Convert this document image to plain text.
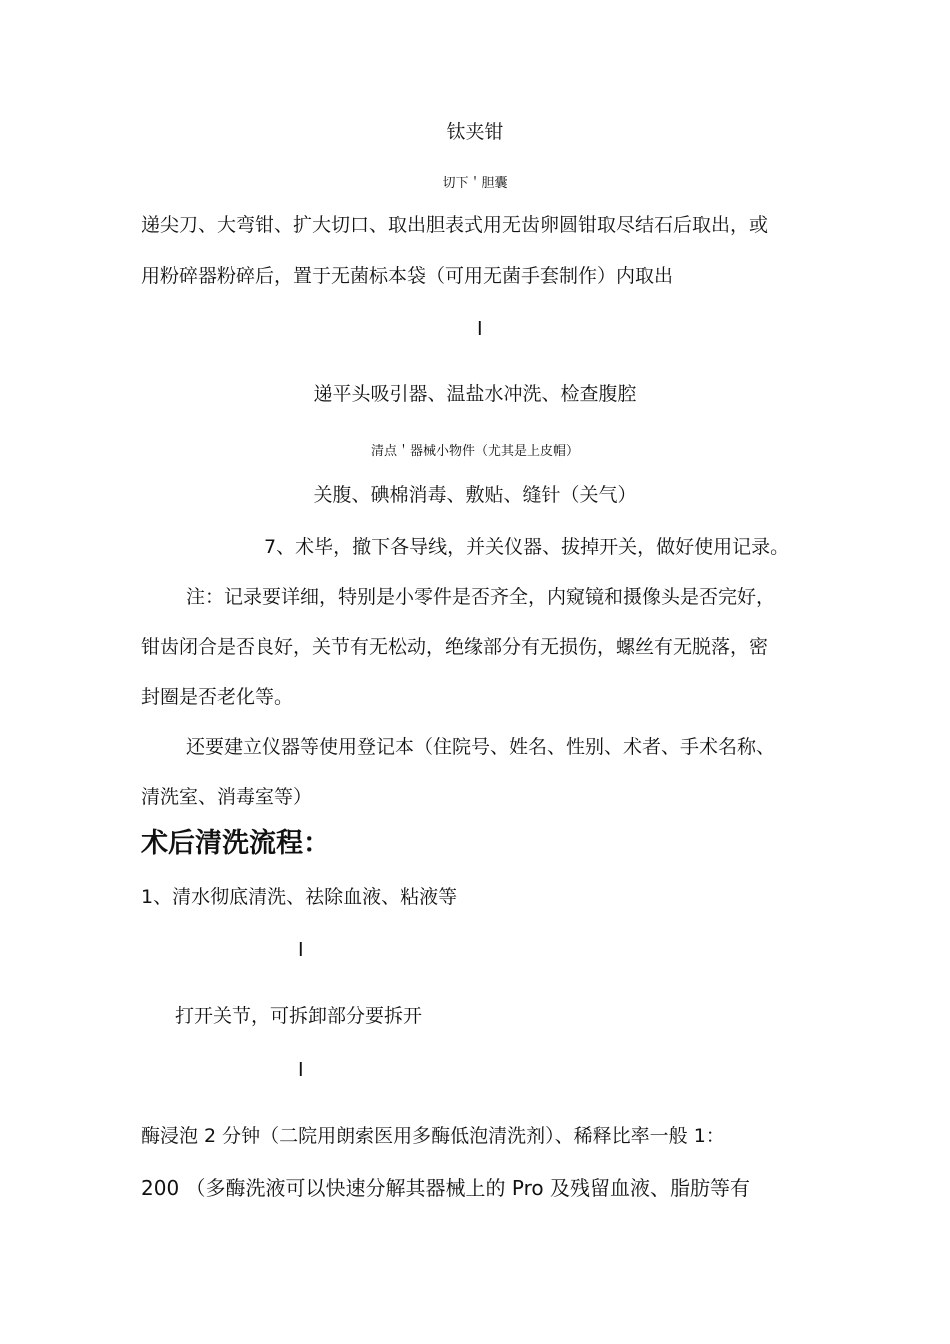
钛夹钳
切下＇胆囊
递尖刀、大弯钳、扩大切口、取出胆表式用无齿卵圆钳取尽结石后取出，或
用粉碎器粉碎后，置于无菌标本袋（可用无菌手套制作）内取出
I
递平头吸引器、温盐水冲洗、检查腹腔
清点＇器械小物件（尤其是上皮帽）
关腹、碘棉消毒、敷贴、缝针（关气）
7、术毕，撤下各导线，并关仪器、拔掉开关，做好使用记录。
注：记录要详细，特别是小零件是否齐全，内窥镜和摄像头是否完好，
钳齿闭合是否良好，关节有无松动，绝缘部分有无损伤，螺丝有无脱落，密
封圈是否老化等。
还要建立仪器等使用登记本（住院号、姓名、性别、术者、手术名称、
清洗室、消毒室等）
术后清洗流程：
1、清水彻底清洗、祛除血液、粘液等
I
打开关节，可拆卸部分要拆开
I
酶浸泡 2 分钟（二院用朗索医用多酶低泡清洗剂）、稀释比率一般 1：
200 （多酶洗液可以快速分解其器械上的 Pro 及残留血液、脂肪等有
